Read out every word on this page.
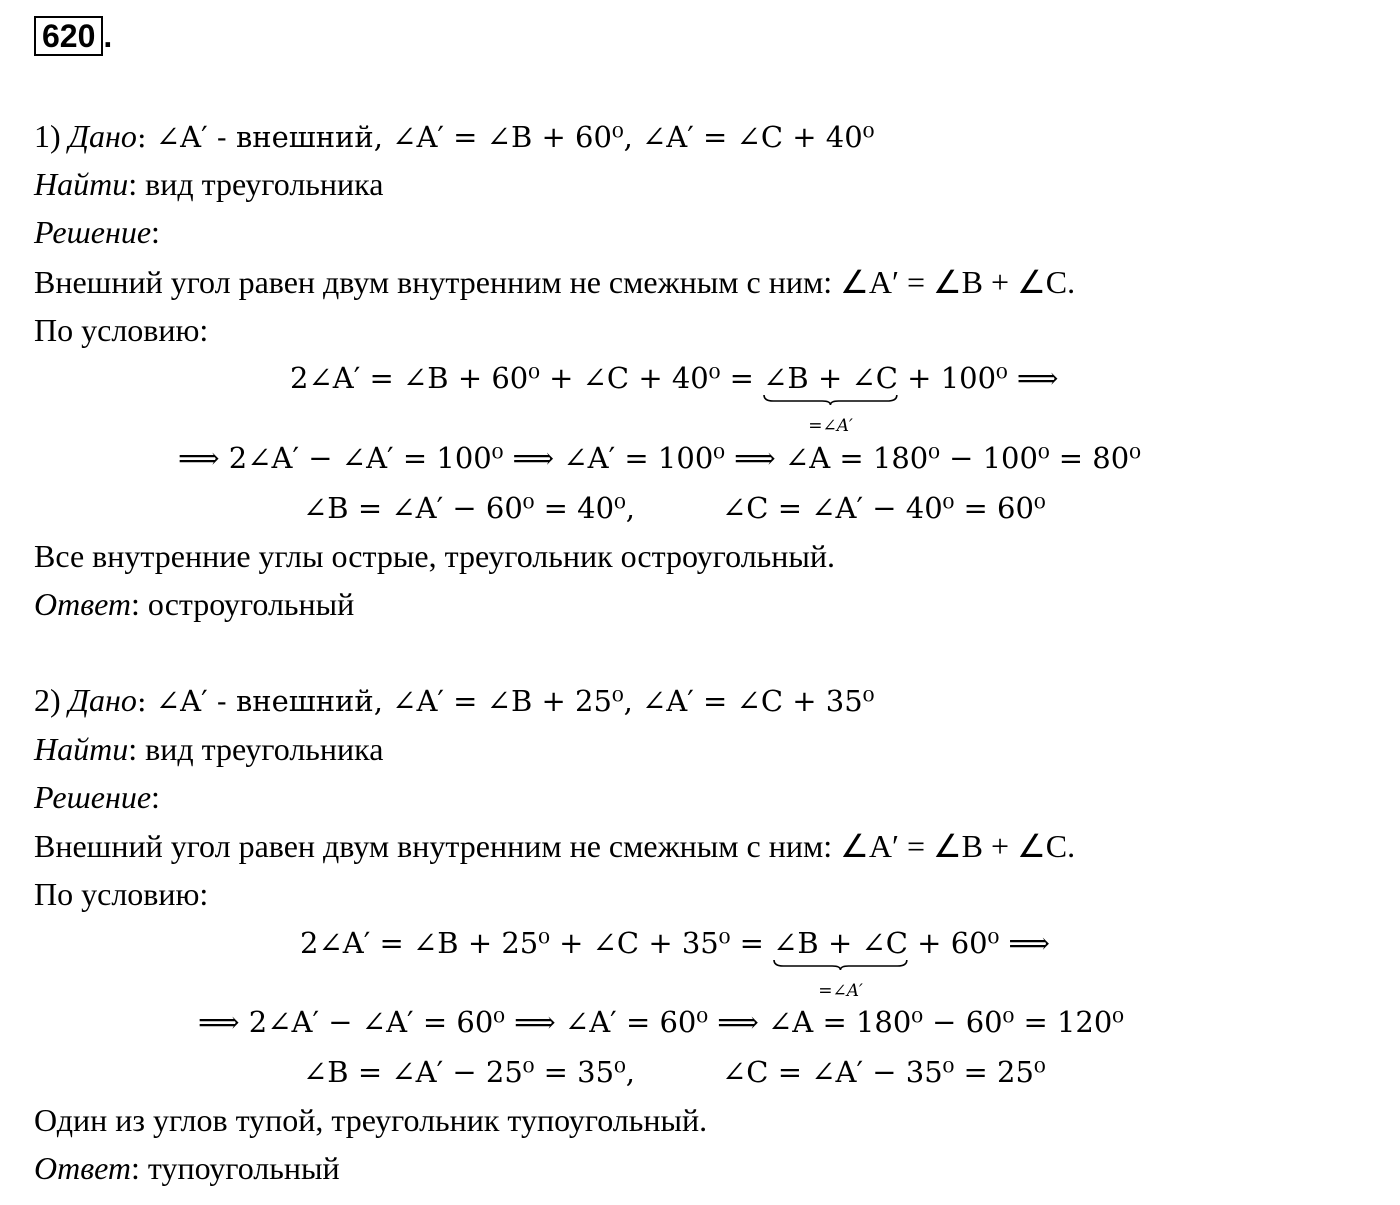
620 .
1) Дано: ∠A′ - внешний, ∠A′ = ∠B + 60⁰, ∠A′ = ∠C + 40⁰
Найти: вид треугольника
Решение:
Внешний угол равен двум внутренним не смежным с ним: ∠A′ = ∠B + ∠C.
По условию:
2∠A′ = ∠B + 60⁰ + ∠C + 40⁰ = ∠B + ∠C
=∠A′
+ 100⁰ ⟹
⟹ 2∠A′ − ∠A′ = 100⁰ ⟹ ∠A′ = 100⁰ ⟹ ∠A = 180⁰ − 100⁰ = 80⁰
∠B = ∠A′ − 60⁰ = 40⁰,	∠C = ∠A′ − 40⁰ = 60⁰
Все внутренние углы острые, треугольник остроугольный.
Ответ: остроугольный
2) Дано: ∠A′ - внешний, ∠A′ = ∠B + 25⁰, ∠A′ = ∠C + 35⁰
Найти: вид треугольника
Решение:
Внешний угол равен двум внутренним не смежным с ним: ∠A′ = ∠B + ∠C.
По условию:
2∠A′ = ∠B + 25⁰ + ∠C + 35⁰ = ∠B + ∠C
=∠A′
+ 60⁰ ⟹
⟹ 2∠A′ − ∠A′ = 60⁰ ⟹ ∠A′ = 60⁰ ⟹ ∠A = 180⁰ − 60⁰ = 120⁰
∠B = ∠A′ − 25⁰ = 35⁰,	∠C = ∠A′ − 35⁰ = 25⁰
Один из углов тупой, треугольник тупоугольный.
Ответ: тупоугольный
